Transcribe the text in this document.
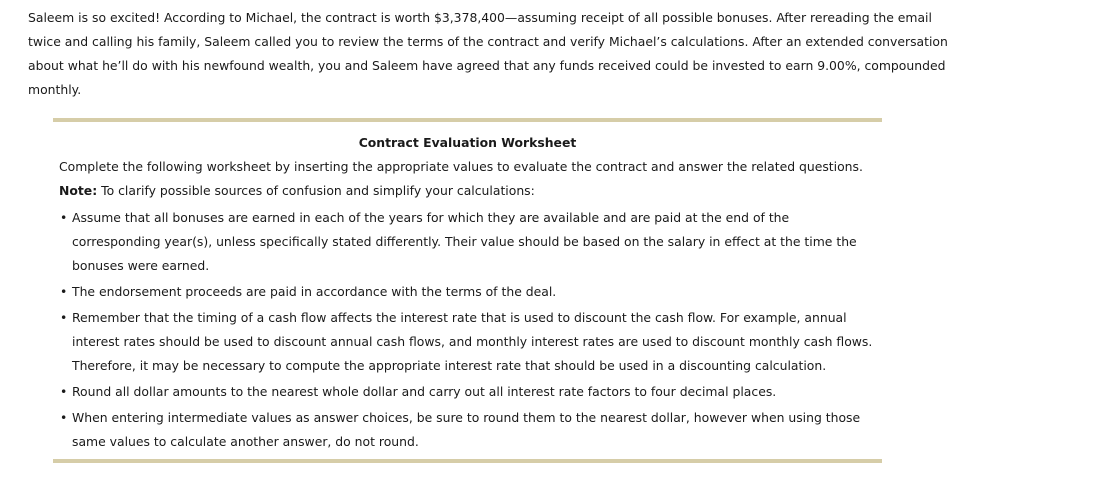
Saleem is so excited! According to Michael, the contract is worth $3,378,400—assuming receipt of all possible bonuses. After rereading the email twice and calling his family, Saleem called you to review the terms of the contract and verify Michael’s calculations. After an extended conversation about what he’ll do with his newfound wealth, you and Saleem have agreed that any funds received could be invested to earn 9.00%, compounded monthly.

Contract Evaluation Worksheet

Complete the following worksheet by inserting the appropriate values to evaluate the contract and answer the related questions.

Note: To clarify possible sources of confusion and simplify your calculations:

• Assume that all bonuses are earned in each of the years for which they are available and are paid at the end of the corresponding year(s), unless specifically stated differently. Their value should be based on the salary in effect at the time the bonuses were earned.
• The endorsement proceeds are paid in accordance with the terms of the deal.
• Remember that the timing of a cash flow affects the interest rate that is used to discount the cash flow. For example, annual interest rates should be used to discount annual cash flows, and monthly interest rates are used to discount monthly cash flows. Therefore, it may be necessary to compute the appropriate interest rate that should be used in a discounting calculation.
• Round all dollar amounts to the nearest whole dollar and carry out all interest rate factors to four decimal places.
• When entering intermediate values as answer choices, be sure to round them to the nearest dollar, however when using those same values to calculate another answer, do not round.
